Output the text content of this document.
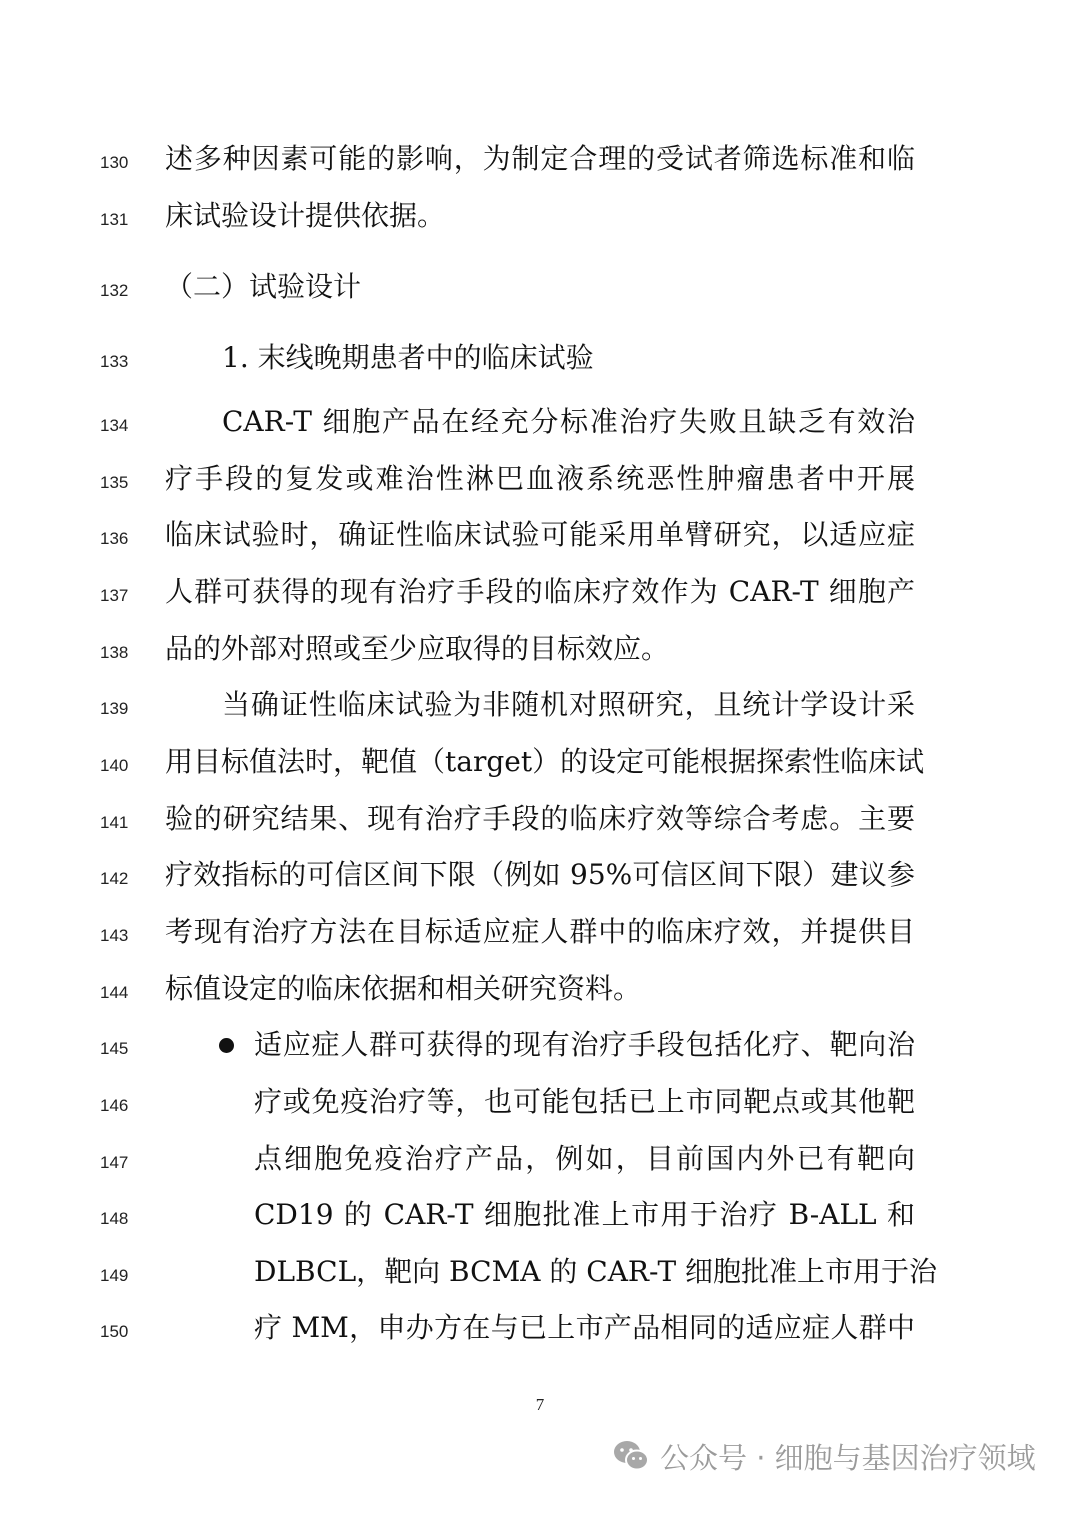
130 述多种因素可能的影响，为制定合理的受试者筛选标准和临
131 床试验设计提供依据。
132 （二）试验设计
133	1. 末线晚期患者中的临床试验
134	CAR-T 细胞产品在经充分标准治疗失败且缺乏有效治
135 疗手段的复发或难治性淋巴血液系统恶性肿瘤患者中开展
136 临床试验时，确证性临床试验可能采用单臂研究，以适应症
137 人群可获得的现有治疗手段的临床疗效作为 CAR-T 细胞产
138 品的外部对照或至少应取得的目标效应。
139	当确证性临床试验为非随机对照研究，且统计学设计采
140 用目标值法时，靶值（target）的设定可能根据探索性临床试
141 验的研究结果、现有治疗手段的临床疗效等综合考虑。主要
142 疗效指标的可信区间下限（例如 95%可信区间下限）建议参
143 考现有治疗方法在目标适应症人群中的临床疗效，并提供目
144 标值设定的临床依据和相关研究资料。
145	适应症人群可获得的现有治疗手段包括化疗、靶向治
146	疗或免疫治疗等，也可能包括已上市同靶点或其他靶
147	点细胞免疫治疗产品，例如，目前国内外已有靶向
148	CD19 的 CAR-T 细胞批准上市用于治疗 B-ALL 和
149	DLBCL，靶向 BCMA 的 CAR-T 细胞批准上市用于治
150	疗 MM，申办方在与已上市产品相同的适应症人群中
7
公众号 · 细胞与基因治疗领域
